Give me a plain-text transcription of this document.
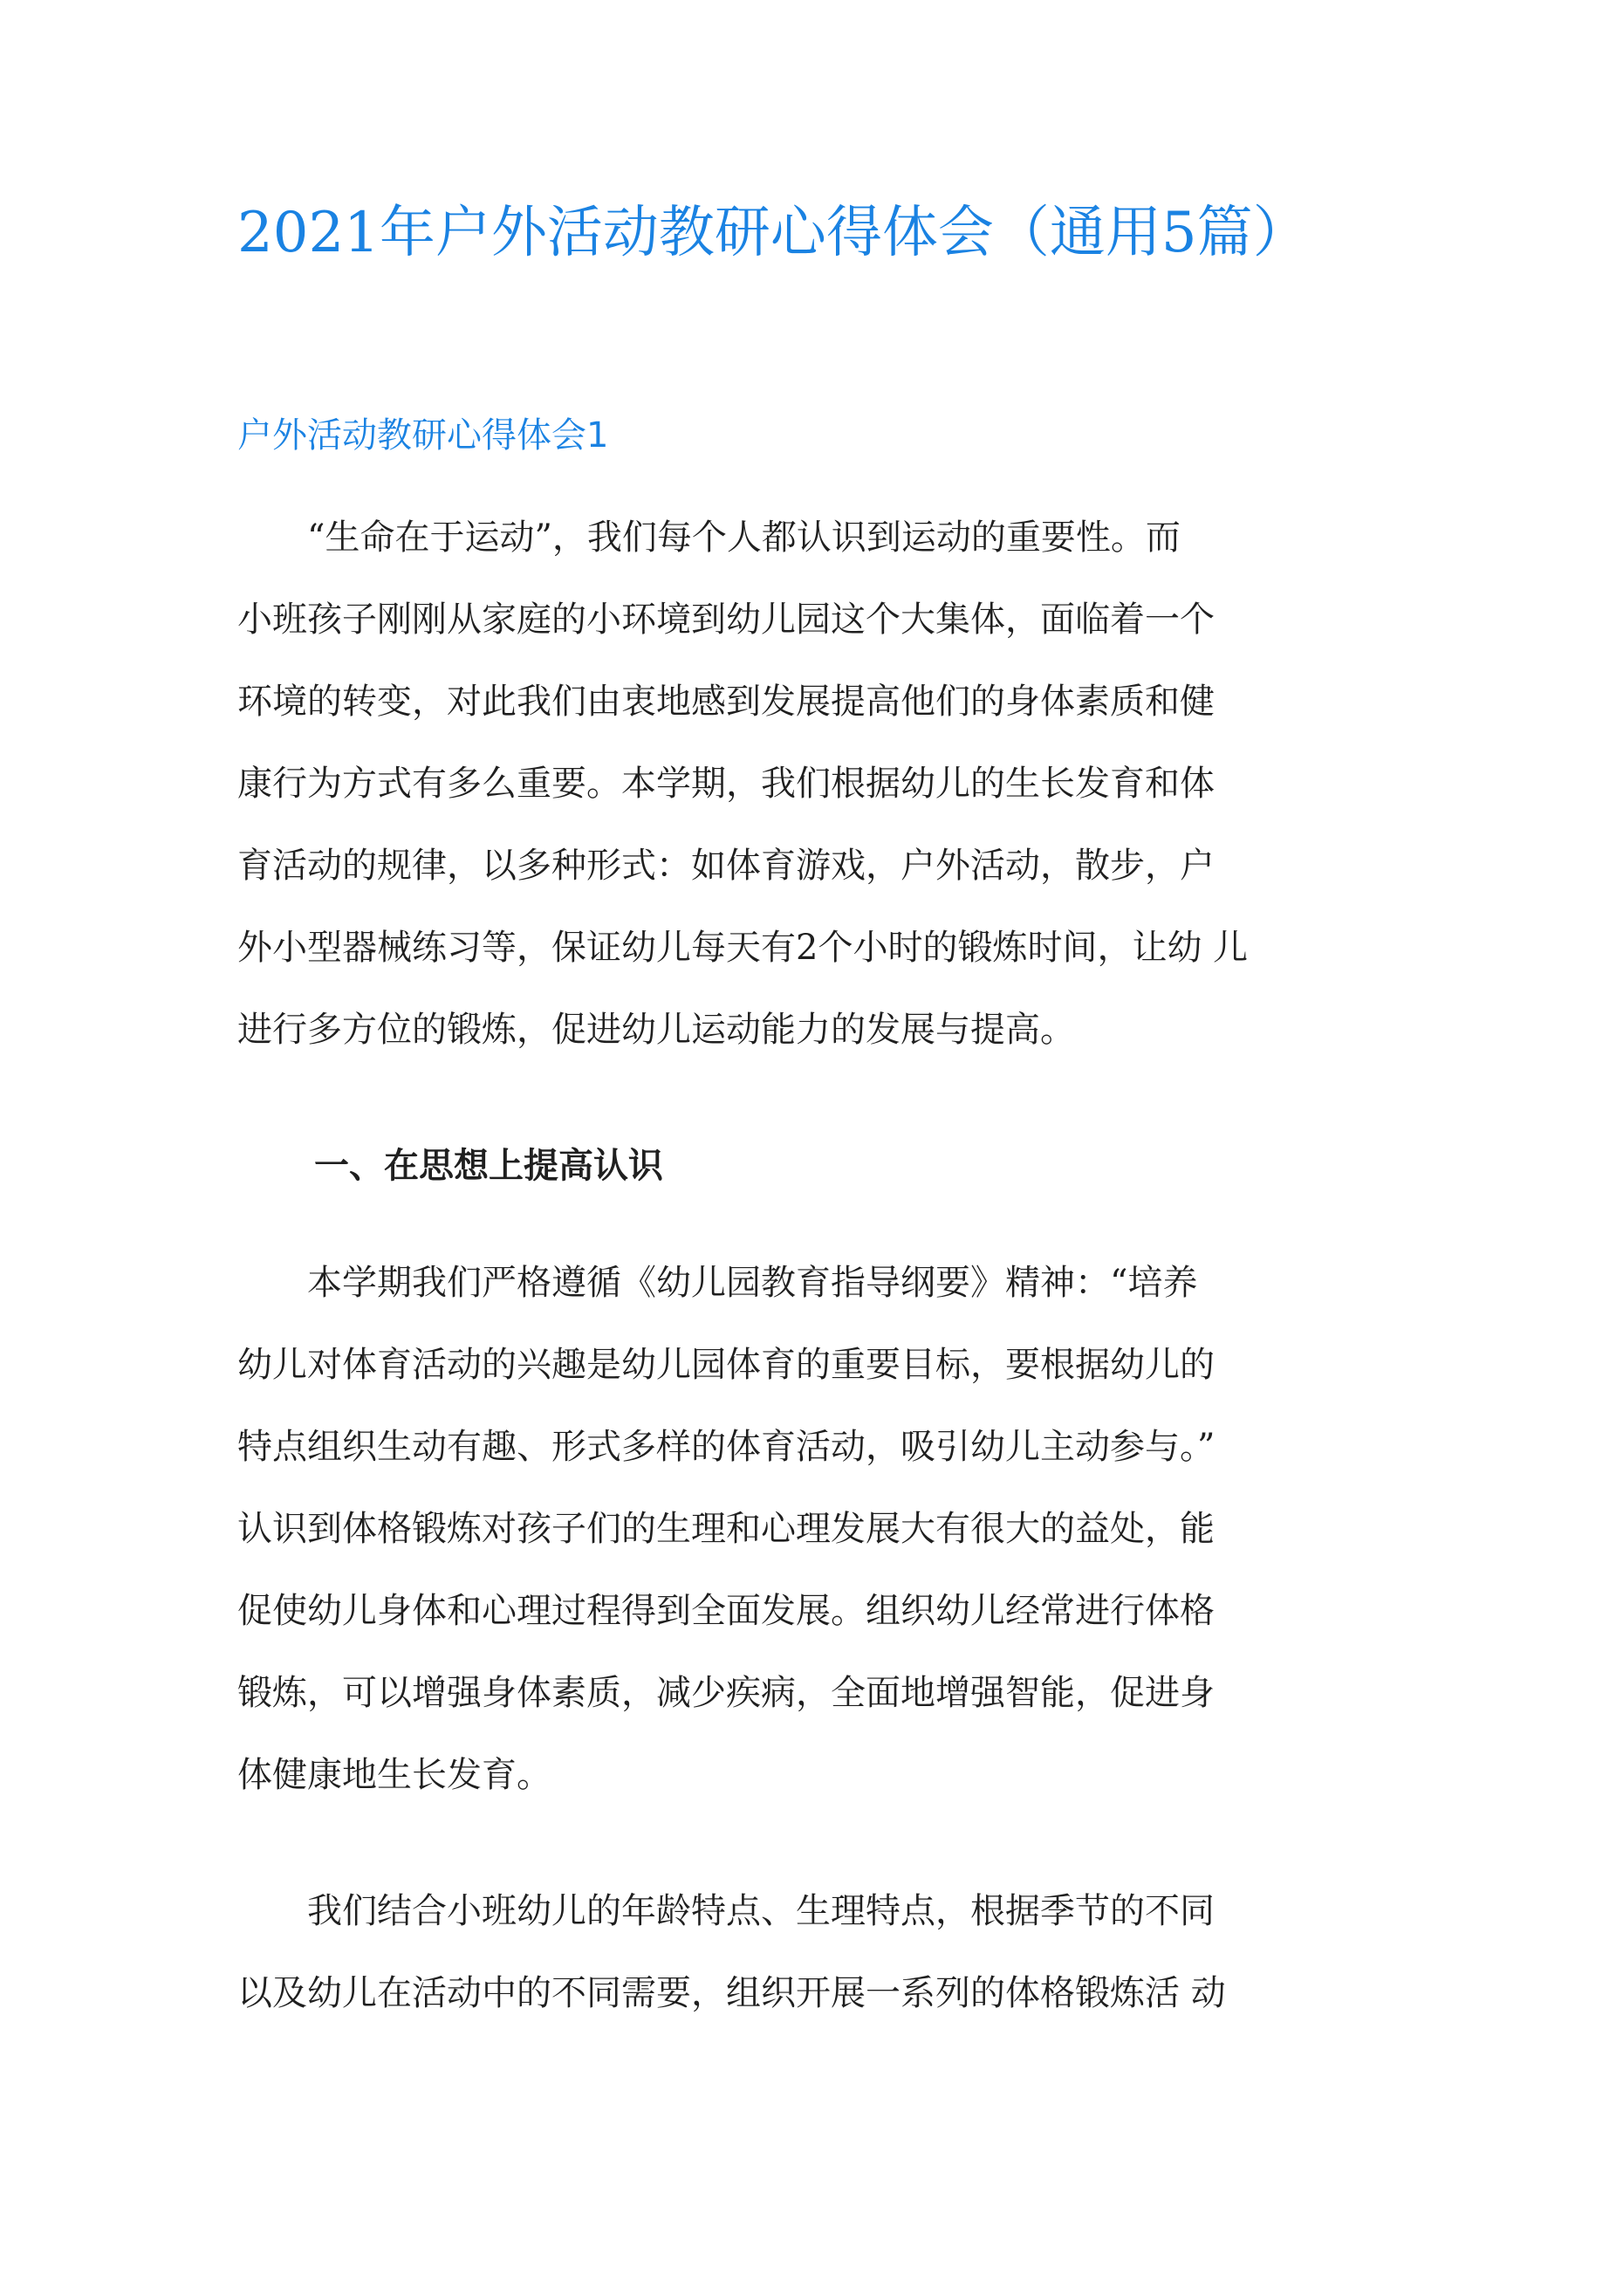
2021年户外活动教研心得体会（通用5篇）
户外活动教研心得体会1

　　“生命在于运动”，我们每个人都认识到运动的重要性。而

小班孩子刚刚从家庭的小环境到幼儿园这个大集体，面临着一个

环境的转变，对此我们由衷地感到发展提高他们的身体素质和健

康行为方式有多么重要。本学期，我们根据幼儿的生长发育和体

育活动的规律，以多种形式：如体育游戏，户外活动，散步，户

外小型器械练习等，保证幼儿每天有2个小时的锻炼时间，让幼 儿

进行多方位的锻炼，促进幼儿运动能力的发展与提高。

一、在思想上提高认识

　　本学期我们严格遵循《幼儿园教育指导纲要》精神：“培养

幼儿对体育活动的兴趣是幼儿园体育的重要目标，要根据幼儿的

特点组织生动有趣、形式多样的体育活动，吸引幼儿主动参与。”

认识到体格锻炼对孩子们的生理和心理发展大有很大的益处，能

促使幼儿身体和心理过程得到全面发展。组织幼儿经常进行体格

锻炼，可以增强身体素质，减少疾病，全面地增强智能，促进身

体健康地生长发育。

　　我们结合小班幼儿的年龄特点、生理特点，根据季节的不同

以及幼儿在活动中的不同需要，组织开展一系列的体格锻炼活 动
